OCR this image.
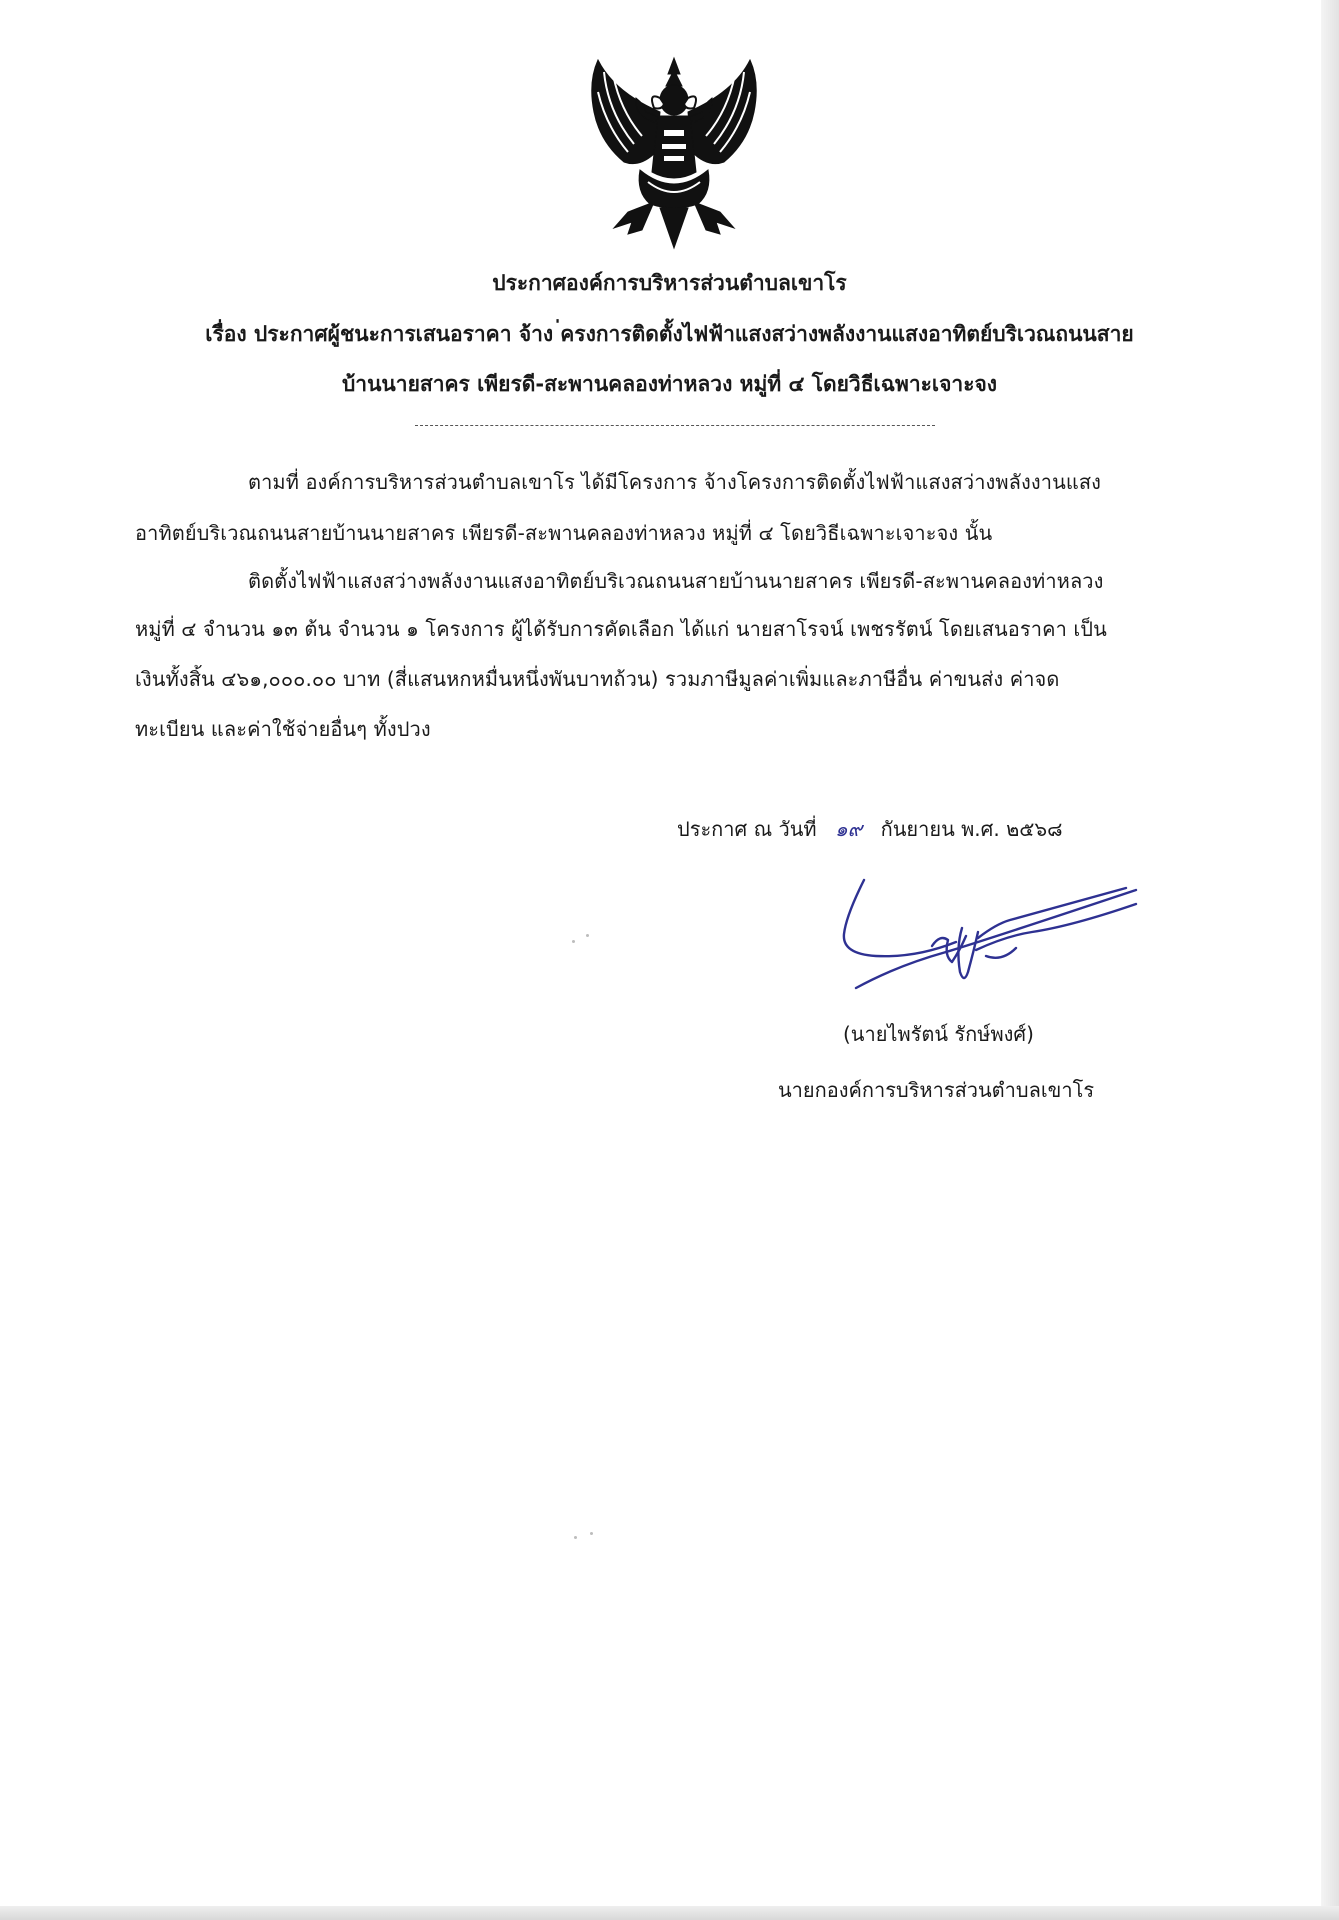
ประกาศองค์การบริหารส่วนตำบลเขาโร
เรื่อง ประกาศผู้ชนะการเสนอราคา จ้าง ่ครงการติดตั้งไฟฟ้าแสงสว่างพลังงานแสงอาทิตย์บริเวณถนนสาย
บ้านนายสาคร เพียรดี-สะพานคลองท่าหลวง หมู่ที่ ๔ โดยวิธีเฉพาะเจาะจง
ตามที่ องค์การบริหารส่วนตำบลเขาโร ได้มีโครงการ จ้างโครงการติดตั้งไฟฟ้าแสงสว่างพลังงานแสง
อาทิตย์บริเวณถนนสายบ้านนายสาคร เพียรดี-สะพานคลองท่าหลวง หมู่ที่ ๔ โดยวิธีเฉพาะเจาะจง นั้น
ติดตั้งไฟฟ้าแสงสว่างพลังงานแสงอาทิตย์บริเวณถนนสายบ้านนายสาคร เพียรดี-สะพานคลองท่าหลวง
หมู่ที่ ๔ จำนวน ๑๓ ต้น จำนวน ๑ โครงการ ผู้ได้รับการคัดเลือก ได้แก่ นายสาโรจน์ เพชรรัตน์ โดยเสนอราคา เป็น
เงินทั้งสิ้น ๔๖๑,๐๐๐.๐๐ บาท (สี่แสนหกหมื่นหนึ่งพันบาทถ้วน) รวมภาษีมูลค่าเพิ่มและภาษีอื่น ค่าขนส่ง ค่าจด
ทะเบียน และค่าใช้จ่ายอื่นๆ ทั้งปวง
ประกาศ ณ วันที่ ๑๙ กันยายน พ.ศ. ๒๕๖๘
(นายไพรัตน์ รักษ์พงศ์)
นายกองค์การบริหารส่วนตำบลเขาโร
